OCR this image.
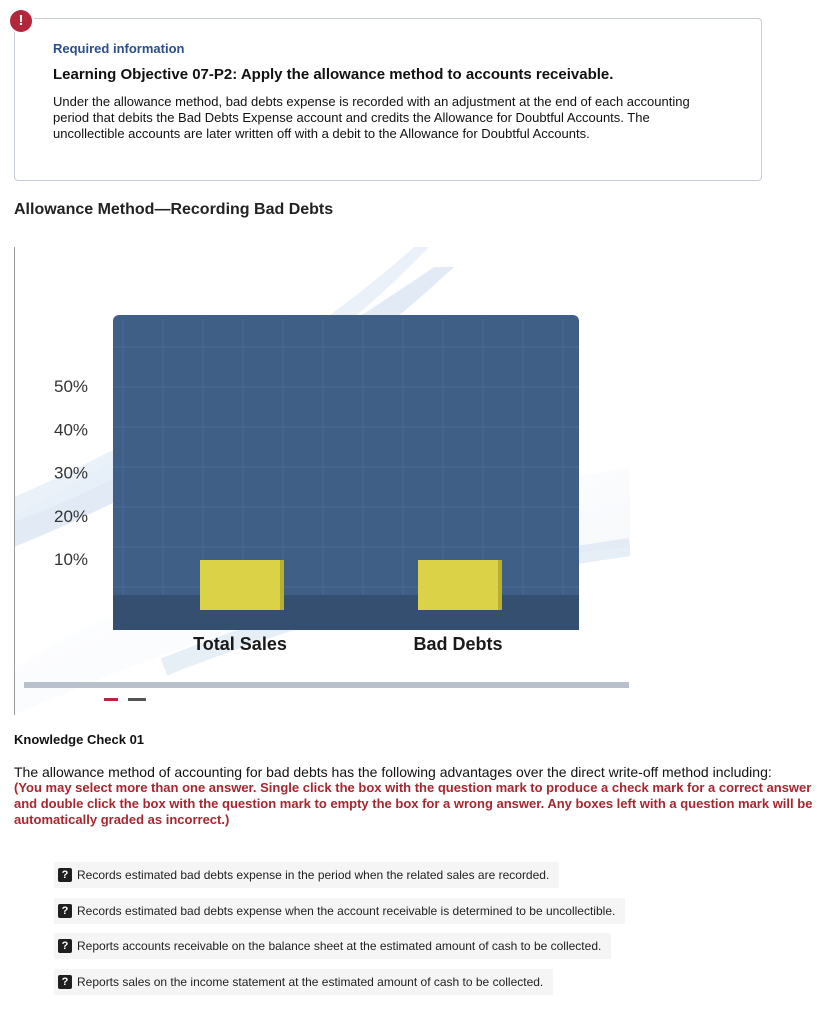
Required information
Learning Objective 07-P2: Apply the allowance method to accounts receivable.
Under the allowance method, bad debts expense is recorded with an adjustment at the end of each accounting period that debits the Bad Debts Expense account and credits the Allowance for Doubtful Accounts. The uncollectible accounts are later written off with a debit to the Allowance for Doubtful Accounts.
!
Allowance Method—Recording Bad Debts
50%
40%
30%
20%
10%
Total Sales	Bad Debts
Knowledge Check 01
The allowance method of accounting for bad debts has the following advantages over the direct write-off method including:
(You may select more than one answer. Single click the box with the question mark to produce a check mark for a correct answer and double click the box with the question mark to empty the box for a wrong answer. Any boxes left with a question mark will be automatically graded as incorrect.)
? Records estimated bad debts expense in the period when the related sales are recorded.
? Records estimated bad debts expense when the account receivable is determined to be uncollectible.
? Reports accounts receivable on the balance sheet at the estimated amount of cash to be collected.
? Reports sales on the income statement at the estimated amount of cash to be collected.
